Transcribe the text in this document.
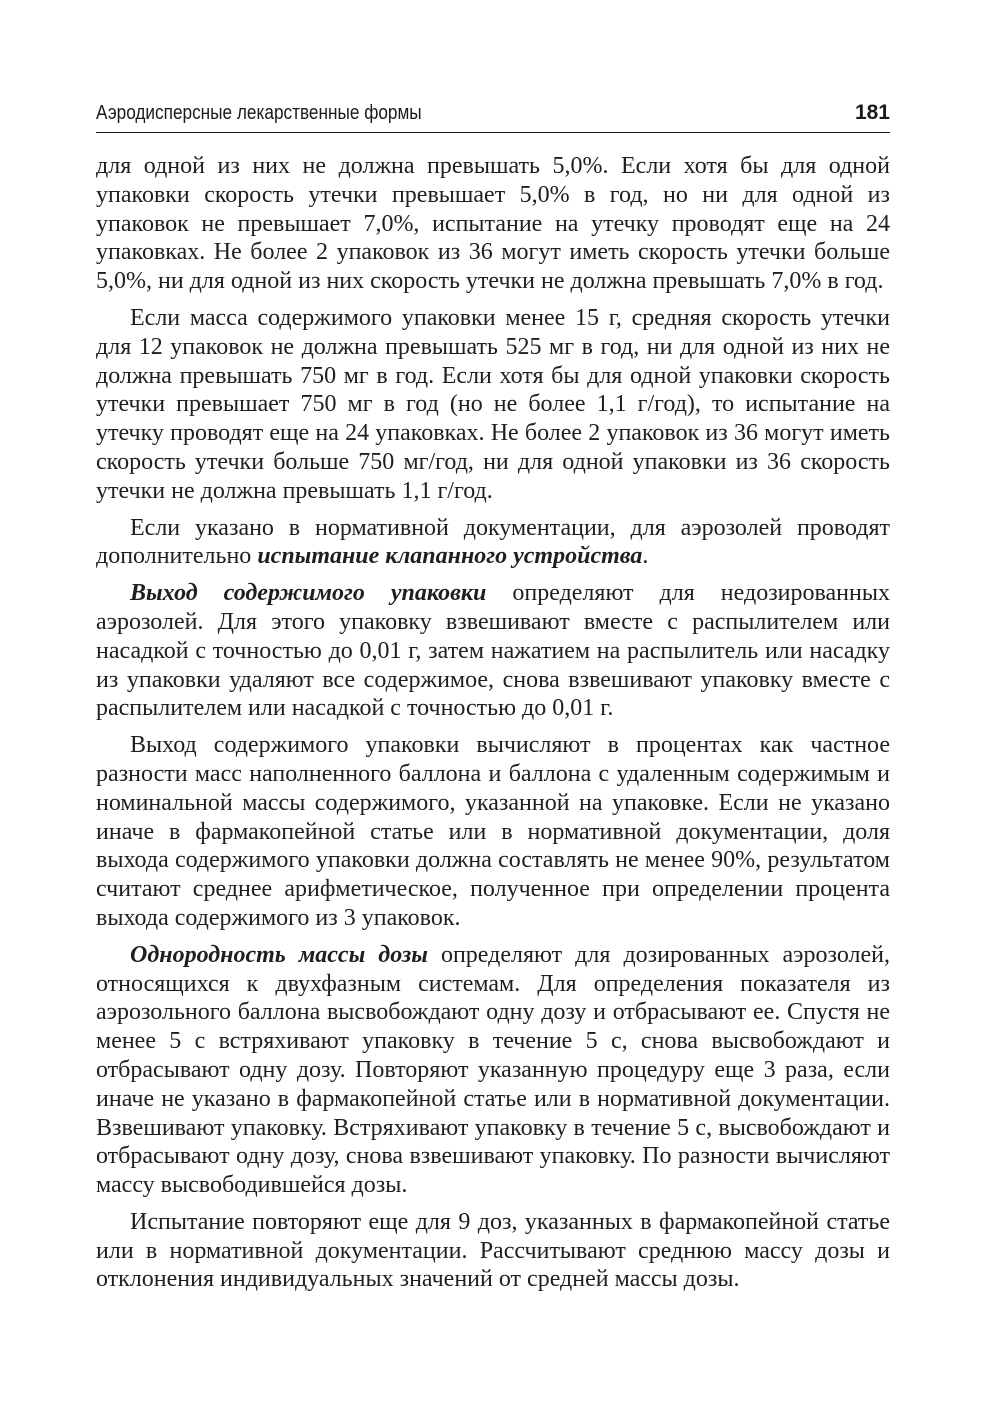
Аэродисперсные лекарственные формы	181

для одной из них не должна превышать 5,0%. Если хотя бы для одной упаковки скорость утечки превышает 5,0% в год, но ни для одной из упаковок не превышает 7,0%, испытание на утечку проводят еще на 24 упаковках. Не более 2 упаковок из 36 могут иметь скорость утечки больше 5,0%, ни для одной из них скорость утечки не должна превышать 7,0% в год.

Если масса содержимого упаковки менее 15 г, средняя скорость утечки для 12 упаковок не должна превышать 525 мг в год, ни для одной из них не должна превышать 750 мг в год. Если хотя бы для одной упаковки скорость утечки превышает 750 мг в год (но не более 1,1 г/год), то испытание на утечку проводят еще на 24 упаковках. Не более 2 упаковок из 36 могут иметь скорость утечки больше 750 мг/год, ни для одной упаковки из 36 скорость утечки не должна превышать 1,1 г/год.

Если указано в нормативной документации, для аэрозолей проводят дополнительно испытание клапанного устройства.

Выход содержимого упаковки определяют для недозированных аэрозолей. Для этого упаковку взвешивают вместе с распылителем или насадкой с точностью до 0,01 г, затем нажатием на распылитель или насадку из упаковки удаляют все содержимое, снова взвешивают упаковку вместе с распылителем или насадкой с точностью до 0,01 г.

Выход содержимого упаковки вычисляют в процентах как частное разности масс наполненного баллона и баллона с удаленным содержимым и номинальной массы содержимого, указанной на упаковке. Если не указано иначе в фармакопейной статье или в нормативной документации, доля выхода содержимого упаковки должна составлять не менее 90%, результатом считают среднее арифметическое, полученное при определении процента выхода содержимого из 3 упаковок.

Однородность массы дозы определяют для дозированных аэрозолей, относящихся к двухфазным системам. Для определения показателя из аэрозольного баллона высвобождают одну дозу и отбрасывают ее. Спустя не менее 5 с встряхивают упаковку в течение 5 с, снова высвобождают и отбрасывают одну дозу. Повторяют указанную процедуру еще 3 раза, если иначе не указано в фармакопейной статье или в нормативной документации. Взвешивают упаковку. Встряхивают упаковку в течение 5 с, высвобождают и отбрасывают одну дозу, снова взвешивают упаковку. По разности вычисляют массу высвободившейся дозы.

Испытание повторяют еще для 9 доз, указанных в фармакопейной статье или в нормативной документации. Рассчитывают среднюю массу дозы и отклонения индивидуальных значений от средней массы дозы.
